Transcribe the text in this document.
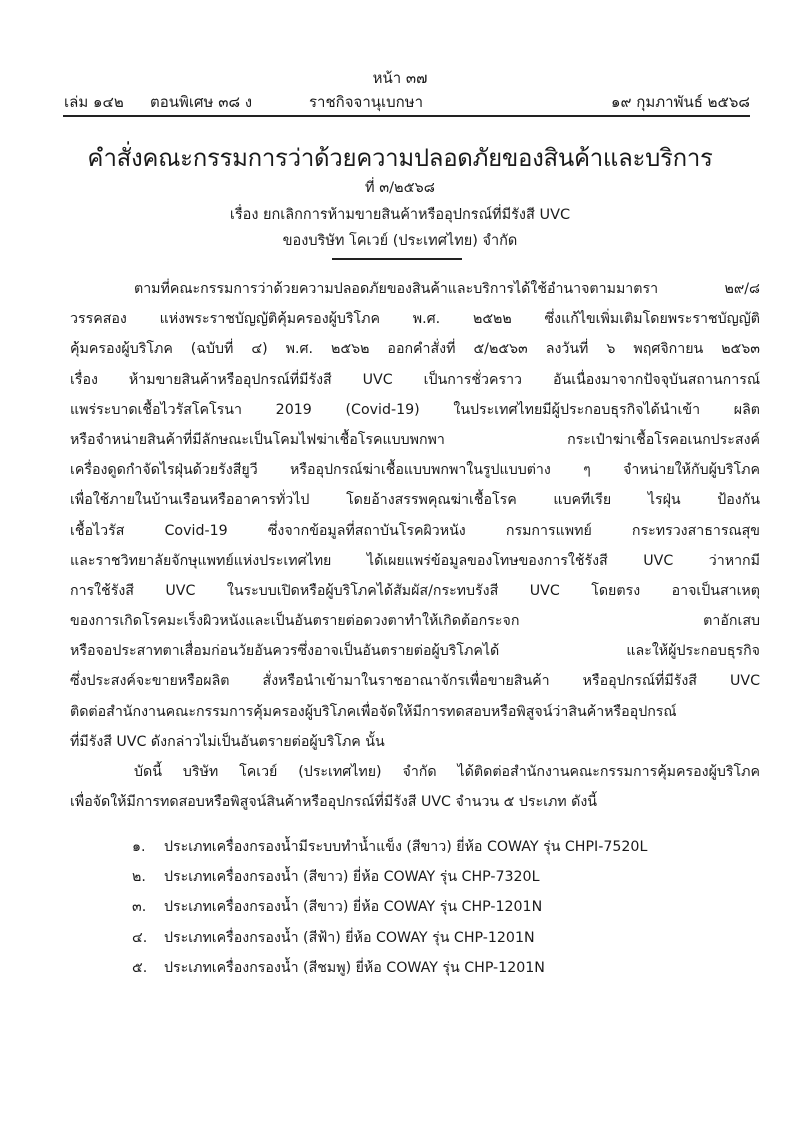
หน้า ๓๗
เล่ม ๑๔๒ ตอนพิเศษ ๓๘ ง	ราชกิจจานุเบกษา	๑๙ กุมภาพันธ์ ๒๕๖๘
คำสั่งคณะกรรมการว่าด้วยความปลอดภัยของสินค้าและบริการ
ที่ ๓/๒๕๖๘
เรื่อง ยกเลิกการห้ามขายสินค้าหรืออุปกรณ์ที่มีรังสี UVC
ของบริษัท โคเวย์ (ประเทศไทย) จำกัด
ตามที่คณะกรรมการว่าด้วยความปลอดภัยของสินค้าและบริการได้ใช้อำนาจตามมาตรา ๒๙/๘
วรรคสอง แห่งพระราชบัญญัติคุ้มครองผู้บริโภค พ.ศ. ๒๕๒๒ ซึ่งแก้ไขเพิ่มเติมโดยพระราชบัญญัติ
คุ้มครองผู้บริโภค (ฉบับที่ ๔) พ.ศ. ๒๕๖๒ ออกคำสั่งที่ ๕/๒๕๖๓ ลงวันที่ ๖ พฤศจิกายน ๒๕๖๓
เรื่อง ห้ามขายสินค้าหรืออุปกรณ์ที่มีรังสี UVC เป็นการชั่วคราว อันเนื่องมาจากปัจจุบันสถานการณ์
แพร่ระบาดเชื้อไวรัสโคโรนา 2019 (Covid-19) ในประเทศไทยมีผู้ประกอบธุรกิจได้นำเข้า ผลิต
หรือจำหน่ายสินค้าที่มีลักษณะเป็นโคมไฟฆ่าเชื้อโรคแบบพกพา กระเป๋าฆ่าเชื้อโรคอเนกประสงค์
เครื่องดูดกำจัดไรฝุ่นด้วยรังสียูวี หรืออุปกรณ์ฆ่าเชื้อแบบพกพาในรูปแบบต่าง ๆ จำหน่ายให้กับผู้บริโภค
เพื่อใช้ภายในบ้านเรือนหรืออาคารทั่วไป โดยอ้างสรรพคุณฆ่าเชื้อโรค แบคทีเรีย ไรฝุ่น ป้องกัน
เชื้อไวรัส Covid-19 ซึ่งจากข้อมูลที่สถาบันโรคผิวหนัง กรมการแพทย์ กระทรวงสาธารณสุข
และราชวิทยาลัยจักษุแพทย์แห่งประเทศไทย ได้เผยแพร่ข้อมูลของโทษของการใช้รังสี UVC ว่าหากมี
การใช้รังสี UVC ในระบบเปิดหรือผู้บริโภคได้สัมผัส/กระทบรังสี UVC โดยตรง อาจเป็นสาเหตุ
ของการเกิดโรคมะเร็งผิวหนังและเป็นอันตรายต่อดวงตาทำให้เกิดต้อกระจก ตาอักเสบ
หรือจอประสาทตาเสื่อมก่อนวัยอันควรซึ่งอาจเป็นอันตรายต่อผู้บริโภคได้ และให้ผู้ประกอบธุรกิจ
ซึ่งประสงค์จะขายหรือผลิต สั่งหรือนำเข้ามาในราชอาณาจักรเพื่อขายสินค้า หรืออุปกรณ์ที่มีรังสี UVC
ติดต่อสำนักงานคณะกรรมการคุ้มครองผู้บริโภคเพื่อจัดให้มีการทดสอบหรือพิสูจน์ว่าสินค้าหรืออุปกรณ์
ที่มีรังสี UVC ดังกล่าวไม่เป็นอันตรายต่อผู้บริโภค นั้น
บัดนี้ บริษัท โคเวย์ (ประเทศไทย) จำกัด ได้ติดต่อสำนักงานคณะกรรมการคุ้มครองผู้บริโภค
เพื่อจัดให้มีการทดสอบหรือพิสูจน์สินค้าหรืออุปกรณ์ที่มีรังสี UVC จำนวน ๕ ประเภท ดังนี้
๑. ประเภทเครื่องกรองน้ำมีระบบทำน้ำแข็ง (สีขาว) ยี่ห้อ COWAY รุ่น CHPI-7520L
๒. ประเภทเครื่องกรองน้ำ (สีขาว) ยี่ห้อ COWAY รุ่น CHP-7320L
๓. ประเภทเครื่องกรองน้ำ (สีขาว) ยี่ห้อ COWAY รุ่น CHP-1201N
๔. ประเภทเครื่องกรองน้ำ (สีฟ้า) ยี่ห้อ COWAY รุ่น CHP-1201N
๕. ประเภทเครื่องกรองน้ำ (สีชมพู) ยี่ห้อ COWAY รุ่น CHP-1201N
